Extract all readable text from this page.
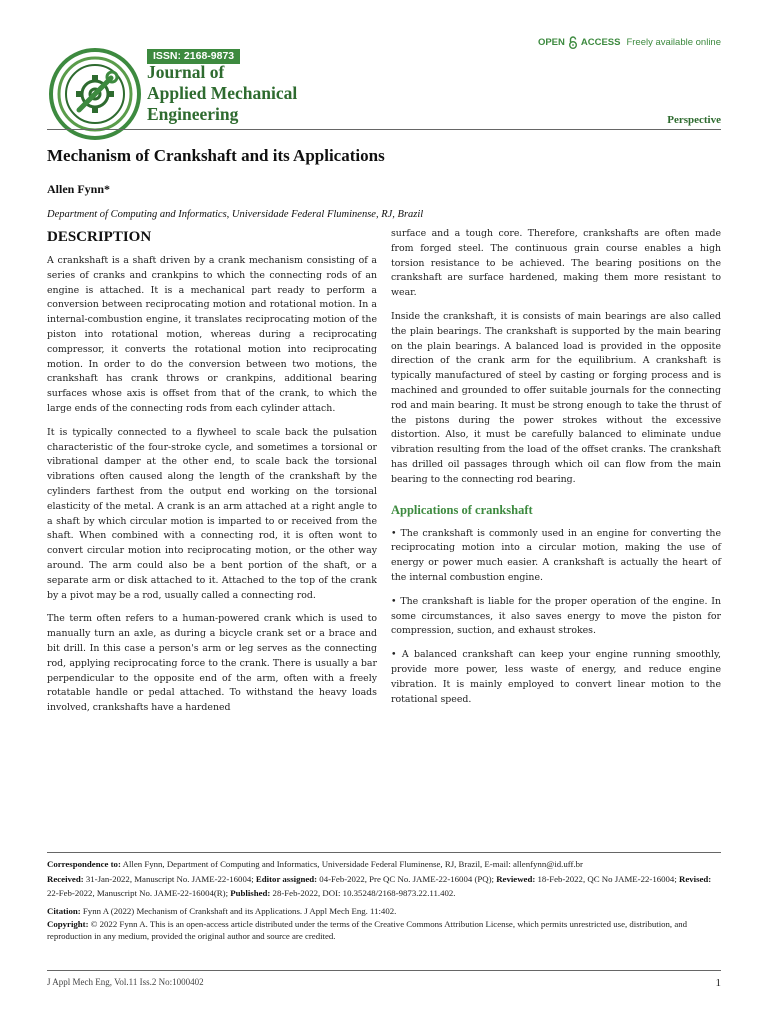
ISSN: 2168-9873
Journal of
Applied Mechanical
Engineering
OPEN ACCESS Freely available online
Perspective
Mechanism of Crankshaft and its Applications
Allen Fynn*
Department of Computing and Informatics, Universidade Federal Fluminense, RJ, Brazil
DESCRIPTION

A crankshaft is a shaft driven by a crank mechanism consisting of a series of cranks and crankpins to which the connecting rods of an engine is attached. It is a mechanical part ready to perform a conversion between reciprocating motion and rotational motion. In a internal-combustion engine, it translates reciprocating motion of the piston into rotational motion, whereas during a reciprocating compressor, it converts the rotational motion into reciprocating motion. In order to do the conversion between two motions, the crankshaft has crank throws or crankpins, additional bearing surfaces whose axis is offset from that of the crank, to which the large ends of the connecting rods from each cylinder attach.

It is typically connected to a flywheel to scale back the pulsation characteristic of the four-stroke cycle, and sometimes a torsional or vibrational damper at the other end, to scale back the torsional vibrations often caused along the length of the crankshaft by the cylinders farthest from the output end working on the torsional elasticity of the metal. A crank is an arm attached at a right angle to a shaft by which circular motion is imparted to or received from the shaft. When combined with a connecting rod, it is often wont to convert circular motion into reciprocating motion, or the other way around. The arm could also be a bent portion of the shaft, or a separate arm or disk attached to it. Attached to the top of the crank by a pivot may be a rod, usually called a connecting rod.

The term often refers to a human-powered crank which is used to manually turn an axle, as during a bicycle crank set or a brace and bit drill. In this case a person's arm or leg serves as the connecting rod, applying reciprocating force to the crank. There is usually a bar perpendicular to the opposite end of the arm, often with a freely rotatable handle or pedal attached. To withstand the heavy loads involved, crankshafts have a hardened

surface and a tough core. Therefore, crankshafts are often made from forged steel. The continuous grain course enables a high torsion resistance to be achieved. The bearing positions on the crankshaft are surface hardened, making them more resistant to wear.

Inside the crankshaft, it is consists of main bearings are also called the plain bearings. The crankshaft is supported by the main bearing on the plain bearings. A balanced load is provided in the opposite direction of the crank arm for the equilibrium. A crankshaft is typically manufactured of steel by casting or forging process and is machined and grounded to offer suitable journals for the connecting rod and main bearing. It must be strong enough to take the thrust of the pistons during the power strokes without the excessive distortion. Also, it must be carefully balanced to eliminate undue vibration resulting from the load of the offset cranks. The crankshaft has drilled oil passages through which oil can flow from the main bearing to the connecting rod bearing.

Applications of crankshaft

• The crankshaft is commonly used in an engine for converting the reciprocating motion into a circular motion, making the use of energy or power much easier. A crankshaft is actually the heart of the internal combustion engine.

• The crankshaft is liable for the proper operation of the engine. In some circumstances, it also saves energy to move the piston for compression, suction, and exhaust strokes.

• A balanced crankshaft can keep your engine running smoothly, provide more power, less waste of energy, and reduce engine vibration. It is mainly employed to convert linear motion to the rotational speed.

Correspondence to: Allen Fynn, Department of Computing and Informatics, Universidade Federal Fluminense, RJ, Brazil, E-mail: allenfynn@id.uff.br
Received: 31-Jan-2022, Manuscript No. JAME-22-16004; Editor assigned: 04-Feb-2022, Pre QC No. JAME-22-16004 (PQ); Reviewed: 18-Feb-2022, QC No JAME-22-16004; Revised: 22-Feb-2022, Manuscript No. JAME-22-16004(R); Published: 28-Feb-2022, DOI: 10.35248/2168-9873.22.11.402.
Citation: Fynn A (2022) Mechanism of Crankshaft and its Applications. J Appl Mech Eng. 11:402.
Copyright: © 2022 Fynn A. This is an open-access article distributed under the terms of the Creative Commons Attribution License, which permits unrestricted use, distribution, and reproduction in any medium, provided the original author and source are credited.
J Appl Mech Eng, Vol.11 Iss.2 No:1000402	1
